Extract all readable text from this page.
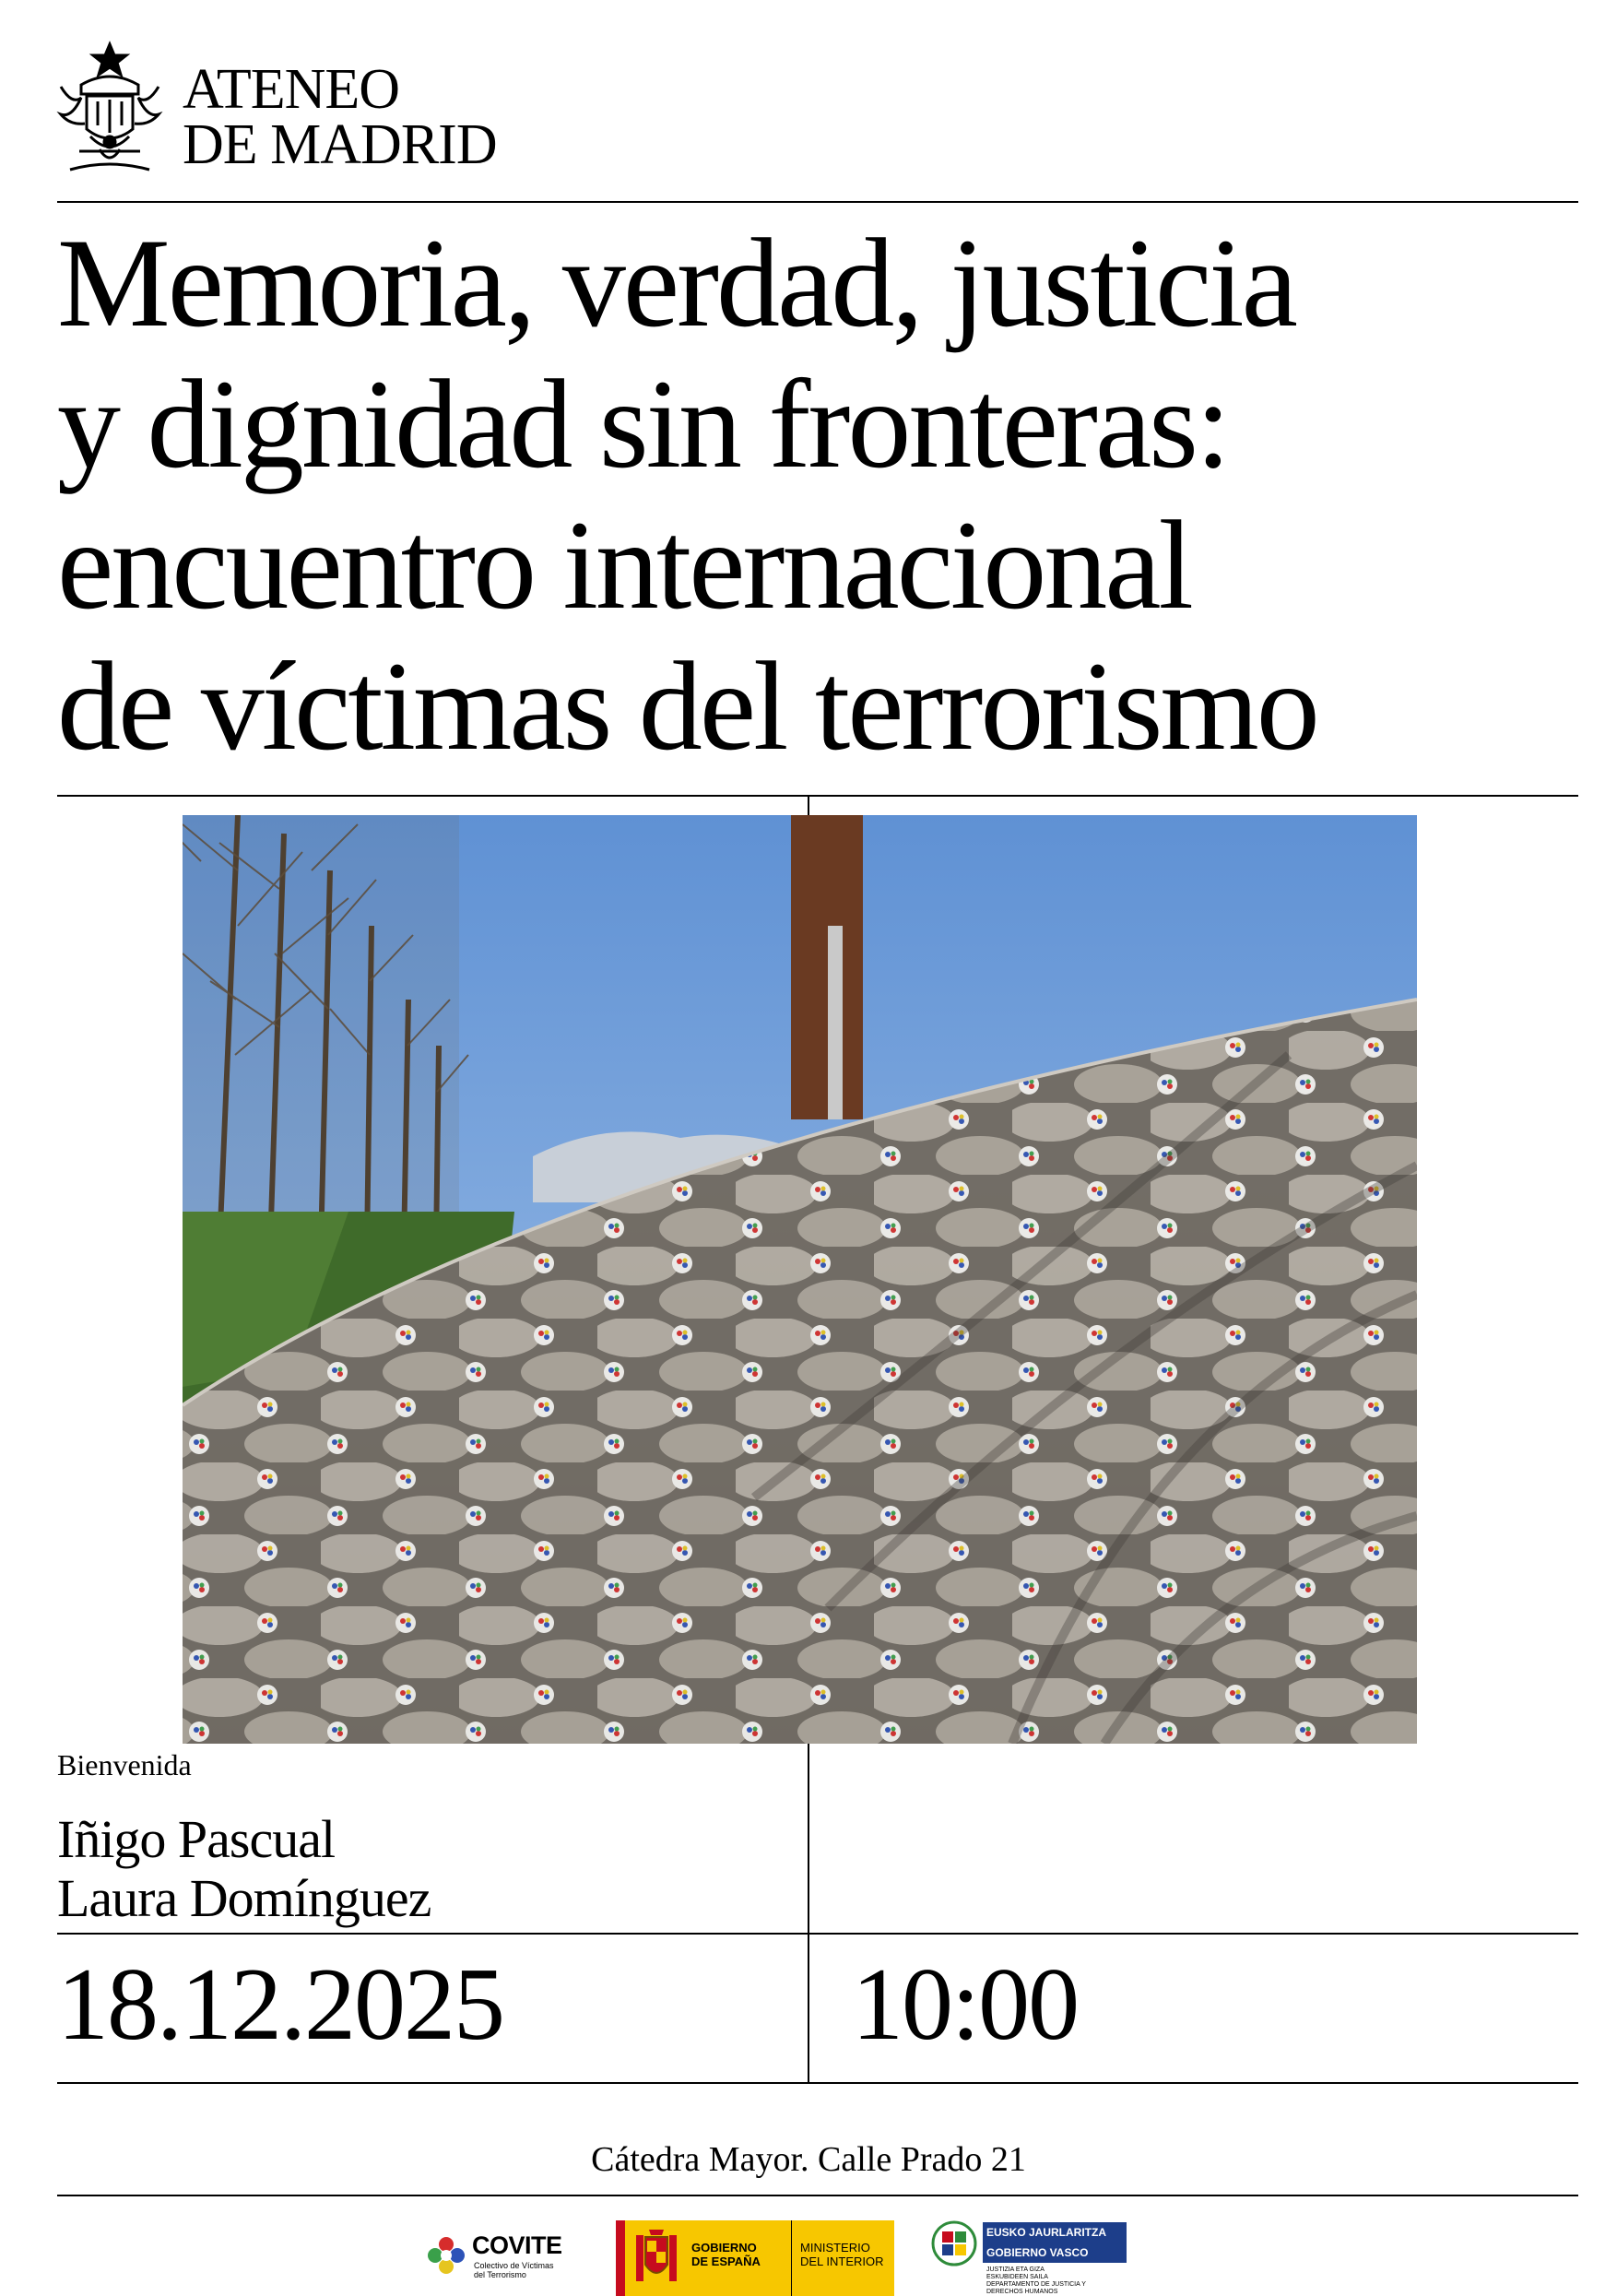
ATENEO
DE MADRID
Memoria, verdad, justicia
y dignidad sin fronteras:
encuentro internacional
de víctimas del terrorismo
Bienvenida
Iñigo Pascual
Laura Domínguez
18.12.2025	10:00
Cátedra Mayor. Calle Prado 21
COVITE
Colectivo de Víctimas
del Terrorismo
GOBIERNO
DE ESPAÑA
MINISTERIO
DEL INTERIOR
EUSKO JAURLARITZA
GOBIERNO VASCO
JUSTIZIA ETA GIZA
ESKUBIDEEN SAILA
DEPARTAMENTO DE JUSTICIA Y
DERECHOS HUMANOS
